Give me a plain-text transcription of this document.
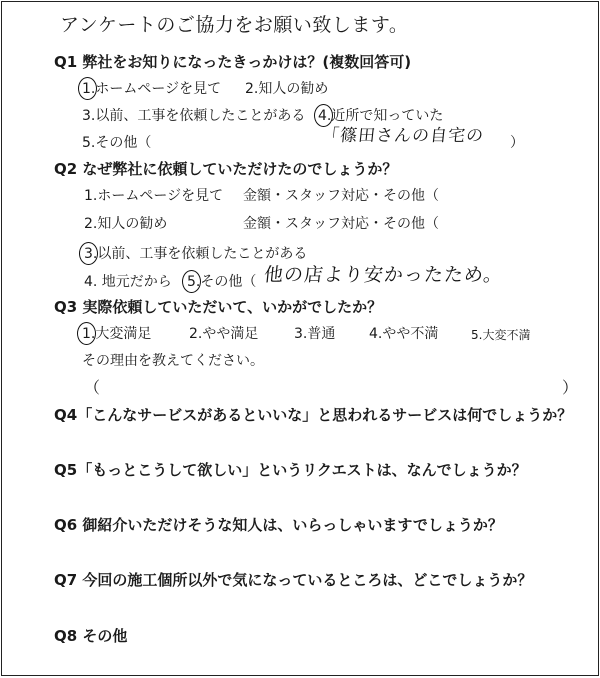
アンケートのご協力をお願い致します。
Q1 弊社をお知りになったきっかけは？(複数回答可)
1.ホームページを見て 2.知人の勧め
3.以前、工事を依頼したことがある 4.近所で知っていた
5.その他（	「篠田さんの自宅の ）
Q2 なぜ弊社に依頼していただけたのでしょうか？
1.ホームページを見て 金額・スタッフ対応・その他（
2.知人の勧め	金額・スタッフ対応・その他（
3.以前、工事を依頼したことがある
4. 地元だから 5.その他（ 他の店より安かったため。
Q3 実際依頼していただいて、いかがでしたか？
1.大変満足	2.やや満足	3.普通 4.やや不満	5.大変不満
その理由を教えてください。
（	）
Q4「こんなサービスがあるといいな」と思われるサービスは何でしょうか？
Q5「もっとこうして欲しい」というリクエストは、なんでしょうか？
Q6 御紹介いただけそうな知人は、いらっしゃいますでしょうか？
Q7 今回の施工個所以外で気になっているところは、どこでしょうか？
Q8 その他
